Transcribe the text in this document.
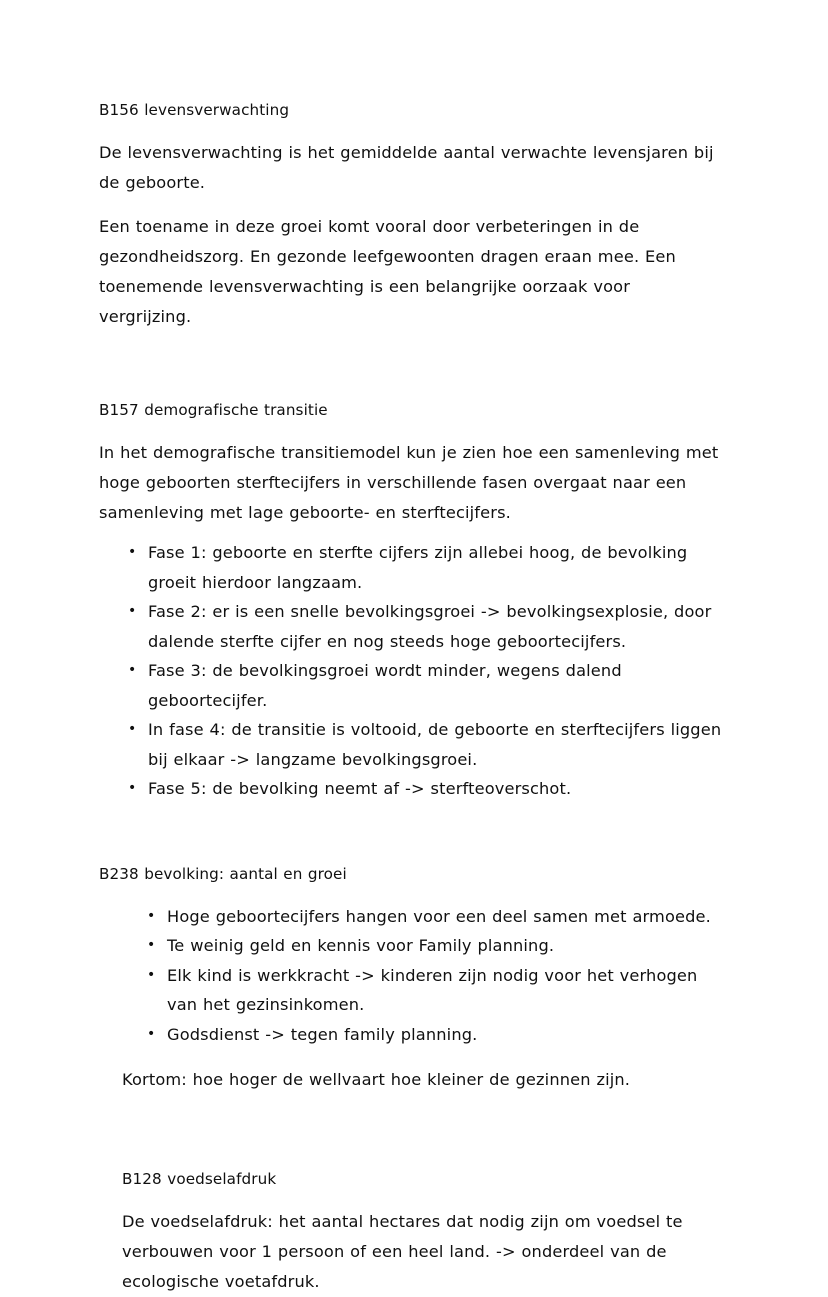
B156 levensverwachting

De levensverwachting is het gemiddelde aantal verwachte levensjaren bij de geboorte.

Een toename in deze groei komt vooral door verbeteringen in de gezondheidszorg. En gezonde leefgewoonten dragen eraan mee. Een toenemende levensverwachting is een belangrijke oorzaak voor vergrijzing.

B157 demografische transitie

In het demografische transitiemodel kun je zien hoe een samenleving met hoge geboorten sterftecijfers in verschillende fasen overgaat naar een samenleving met lage geboorte- en sterftecijfers.

• Fase 1: geboorte en sterfte cijfers zijn allebei hoog, de bevolking groeit hierdoor langzaam.
• Fase 2: er is een snelle bevolkingsgroei -> bevolkingsexplosie, door dalende sterfte cijfer en nog steeds hoge geboortecijfers.
• Fase 3: de bevolkingsgroei wordt minder, wegens dalend geboortecijfer.
• In fase 4: de transitie is voltooid, de geboorte en sterftecijfers liggen bij elkaar -> langzame bevolkingsgroei.
• Fase 5: de bevolking neemt af -> sterfteoverschot.
B238 bevolking: aantal en groei
• Hoge geboortecijfers hangen voor een deel samen met armoede.
• Te weinig geld en kennis voor Family planning.
• Elk kind is werkkracht -> kinderen zijn nodig voor het verhogen van het gezinsinkomen.
• Godsdienst -> tegen family planning.

Kortom: hoe hoger de wellvaart hoe kleiner de gezinnen zijn.

B128 voedselafdruk

De voedselafdruk: het aantal hectares dat nodig zijn om voedsel te verbouwen voor 1 persoon of een heel land. -> onderdeel van de ecologische voetafdruk.
